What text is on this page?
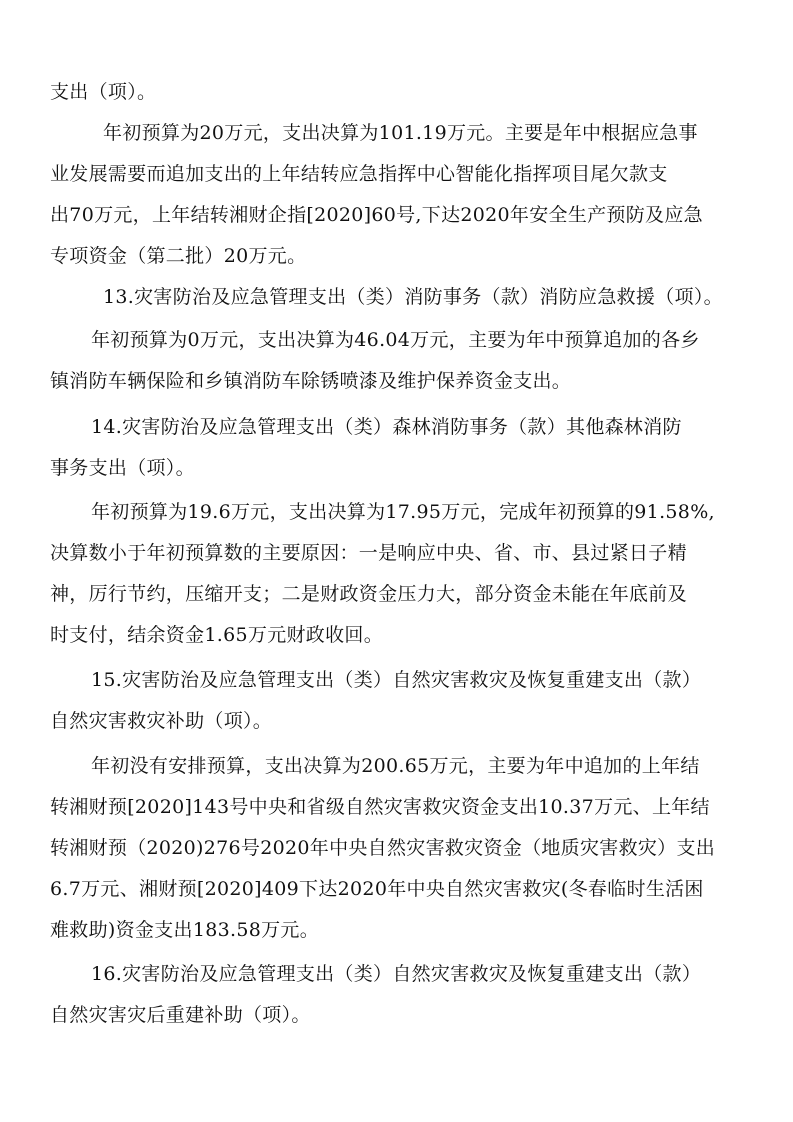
支出（项）。
年初预算为20万元，支出决算为101.19万元。主要是年中根据应急事
业发展需要而追加支出的上年结转应急指挥中心智能化指挥项目尾欠款支
出70万元，上年结转湘财企指[2020]60号,下达2020年安全生产预防及应急
专项资金（第二批）20万元。
13.灾害防治及应急管理支出（类）消防事务（款）消防应急救援（项）。
年初预算为0万元，支出决算为46.04万元，主要为年中预算追加的各乡
镇消防车辆保险和乡镇消防车除锈喷漆及维护保养资金支出。
14.灾害防治及应急管理支出（类）森林消防事务（款）其他森林消防
事务支出（项）。
年初预算为19.6万元，支出决算为17.95万元，完成年初预算的91.58%,
决算数小于年初预算数的主要原因：一是响应中央、省、市、县过紧日子精
神，厉行节约，压缩开支；二是财政资金压力大，部分资金未能在年底前及
时支付，结余资金1.65万元财政收回。
15.灾害防治及应急管理支出（类）自然灾害救灾及恢复重建支出（款）
自然灾害救灾补助（项）。
年初没有安排预算，支出决算为200.65万元，主要为年中追加的上年结
转湘财预[2020]143号中央和省级自然灾害救灾资金支出10.37万元、上年结
转湘财预（2020)276号2020年中央自然灾害救灾资金（地质灾害救灾）支出
6.7万元、湘财预[2020]409下达2020年中央自然灾害救灾(冬春临时生活困
难救助)资金支出183.58万元。
16.灾害防治及应急管理支出（类）自然灾害救灾及恢复重建支出（款）
自然灾害灾后重建补助（项）。
